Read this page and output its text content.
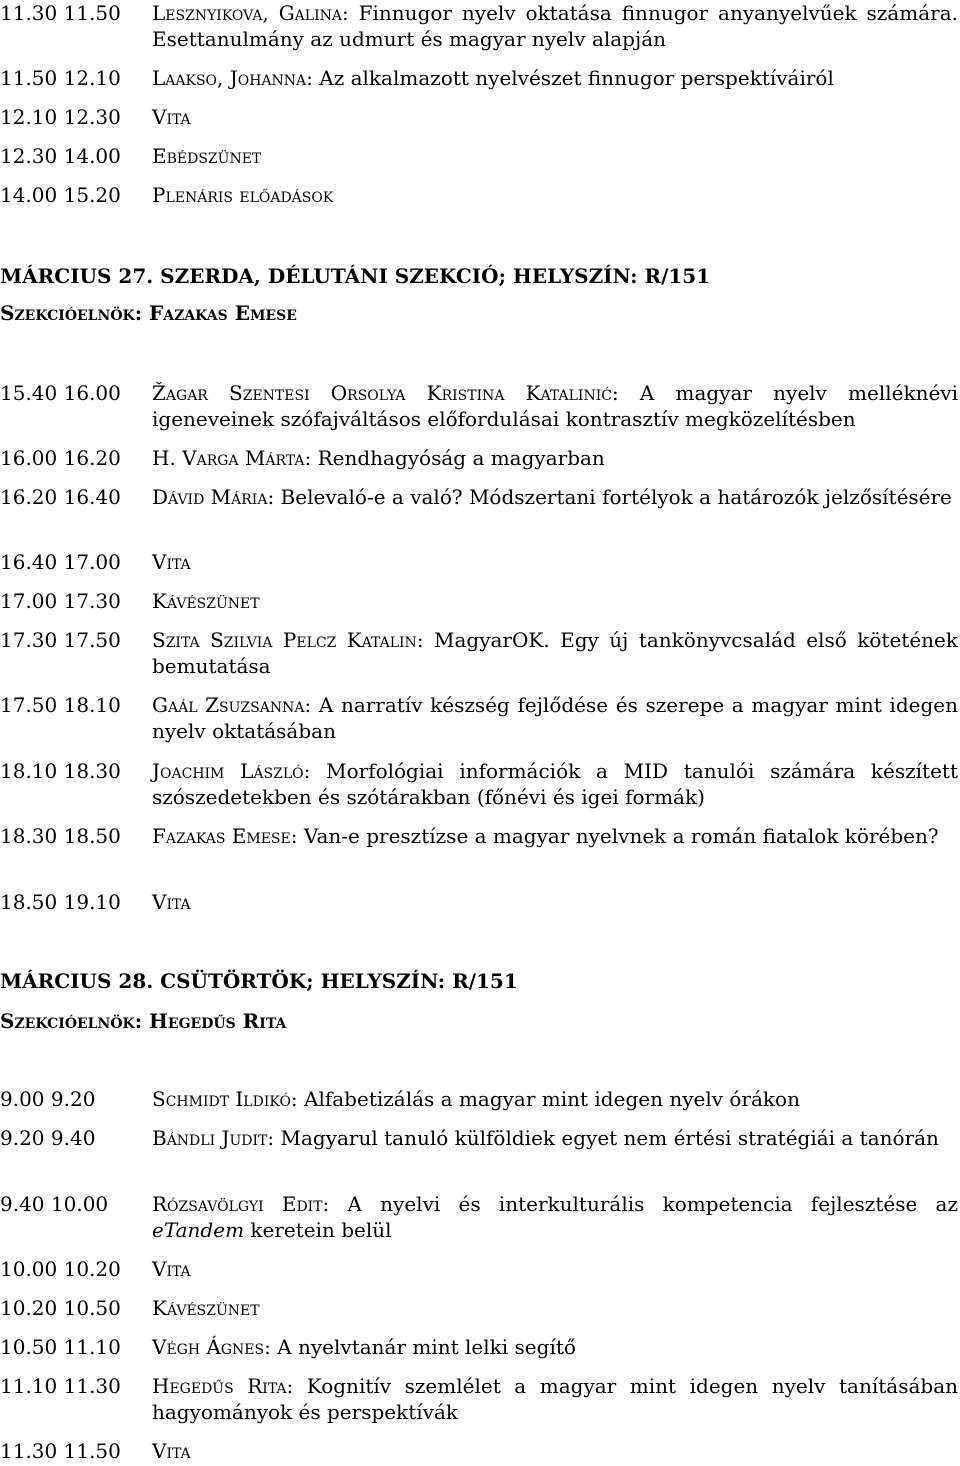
11.30 11.50 Lesznyikova, Galina: Finnugor nyelv oktatása finnugor anyanyelvűek számára. Esettanulmány az udmurt és magyar nyelv alapján
11.50 12.10 Laakso, Johanna: Az alkalmazott nyelvészet finnugor perspektíváiról
12.10 12.30 Vita
12.30 14.00 Ebédszünet
14.00 15.20 Plenáris előadások
MÁRCIUS 27. SZERDA, DÉLUTÁNI SZEKCIÓ; HELYSZÍN: R/151
Szekcióelnök: Fazakas Emese
15.40 16.00 Žagar Szentesi Orsolya Kristina Katalinić: A magyar nyelv melléknévi igeneveinek szófajváltásos előfordulásai kontrasztív megközelítésben
16.00 16.20 H. Varga Márta: Rendhagyóság a magyarban
16.20 16.40 Dávid Mária: Belevaló-e a való? Módszertani fortélyok a határozók jelzősítésére
16.40 17.00 Vita
17.00 17.30 Kávészünet
17.30 17.50 Szita Szilvia Pelcz Katalin: MagyarOK. Egy új tankönyvcsalád első kötetének bemutatása
17.50 18.10 Gaál Zsuzsanna: A narratív készség fejlődése és szerepe a magyar mint idegen nyelv oktatásában
18.10 18.30 Joachim László: Morfológiai információk a MID tanulói számára készített szószedetekben és szótárakban (főnévi és igei formák)
18.30 18.50 Fazakas Emese: Van-e presztízse a magyar nyelvnek a román fiatalok körében?
18.50 19.10 Vita
MÁRCIUS 28. CSÜTÖRTÖK; HELYSZÍN: R/151
Szekcióelnök: Hegedűs Rita
9.00 9.20	Schmidt Ildikó: Alfabetizálás a magyar mint idegen nyelv órákon
9.20 9.40	Bándli Judit: Magyarul tanuló külföldiek egyet nem értési stratégiái a tanórán
9.40 10.00 Rózsavölgyi Edit: A nyelvi és interkulturális kompetencia fejlesztése az eTandem keretein belül
10.00 10.20 Vita
10.20 10.50 Kávészünet
10.50 11.10 Végh Ágnes: A nyelvtanár mint lelki segítő
11.10 11.30 Hegedűs Rita: Kognitív szemlélet a magyar mint idegen nyelv tanításában hagyományok és perspektívák
11.30 11.50 Vita
